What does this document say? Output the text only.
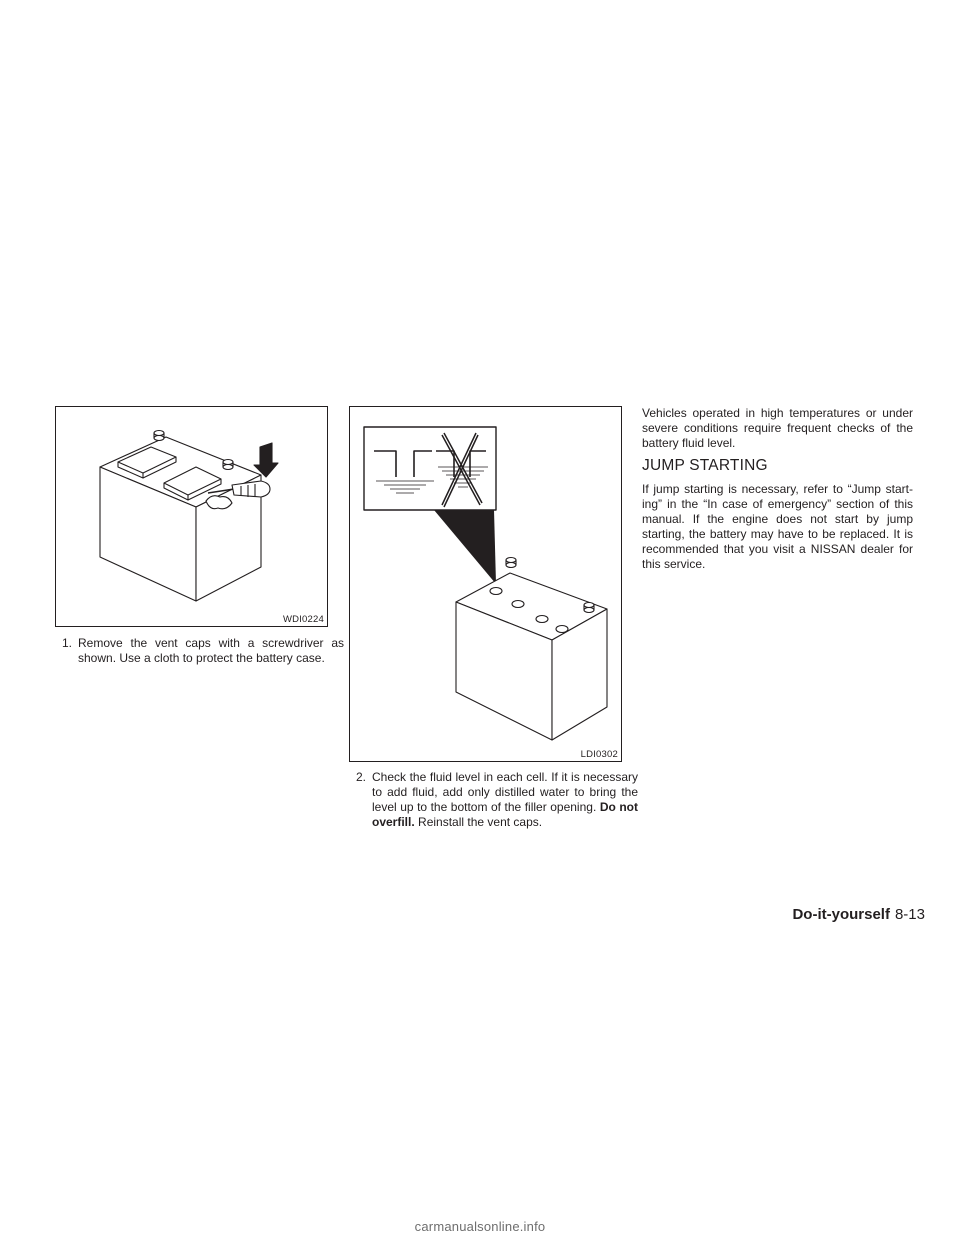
WDI0224

1. Remove the vent caps with a screwdriver as shown. Use a cloth to protect the battery case.

LDI0302

2. Check the fluid level in each cell. If it is necessary to add fluid, add only distilled water to bring the level up to the bottom of the filler opening. Do not overfill. Reinstall the vent caps.

Vehicles operated in high temperatures or under severe conditions require frequent checks of the battery fluid level.

JUMP STARTING

If jump starting is necessary, refer to “Jump start-ing” in the “In case of emergency” section of this manual. If the engine does not start by jump starting, the battery may have to be replaced. It is recommended that you visit a NISSAN dealer for this service.

Do-it-yourself 8-13
carmanualsonline.info
